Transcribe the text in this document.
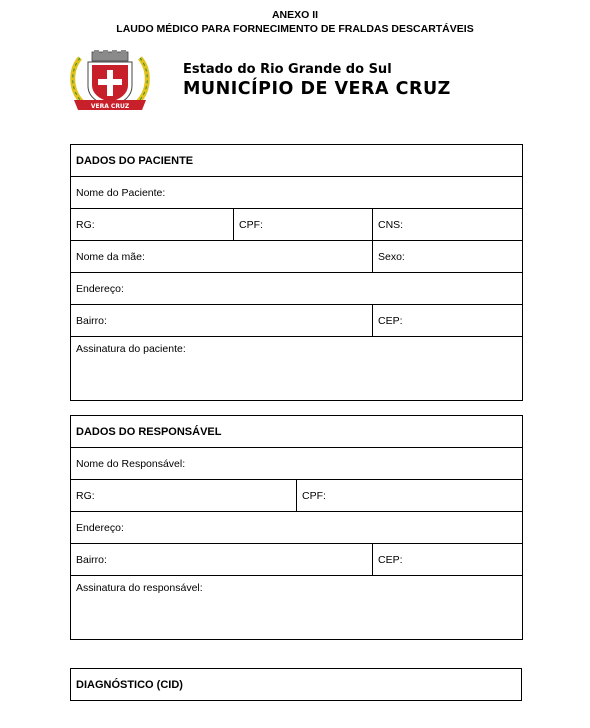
ANEXO II
LAUDO MÉDICO PARA FORNECIMENTO DE FRALDAS DESCARTÁVEIS
VERA CRUZ
Estado do Rio Grande do Sul
MUNICÍPIO DE VERA CRUZ
DADOS DO PACIENTE		
Nome do Paciente:		
RG:	CPF:	CNS:
Nome da mãe:		Sexo:
Endereço:		
Bairro:		CEP:
Assinatura do paciente:		
DADOS DO RESPONSÁVEL		
Nome do Responsável:		
RG:	CPF:	
Endereço:		
Bairro:		CEP:
Assinatura do responsável:		
DIAGNÓSTICO (CID)
